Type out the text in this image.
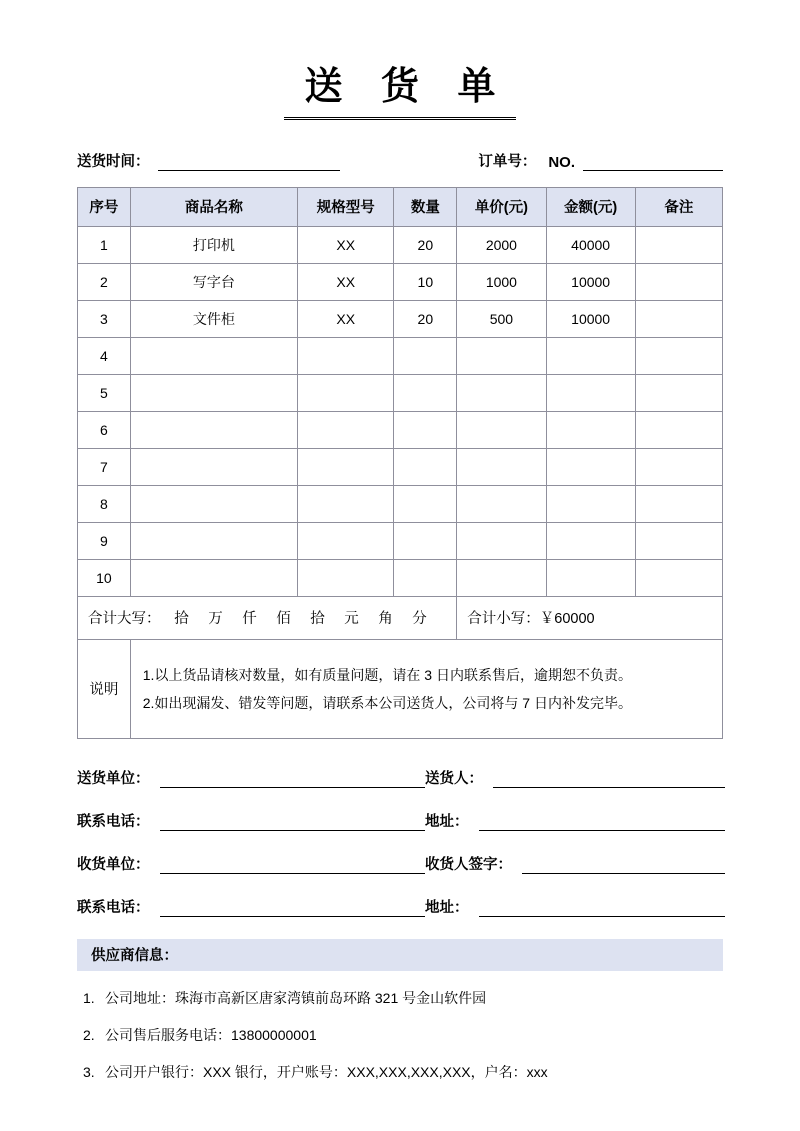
送 货 单
送货时间：	订单号： NO.
序号	商品名称	规格型号	数量	单价(元)	金额(元)	备注
1	打印机	XX	20	2000	40000	
2	写字台	XX	10	1000	10000	
3	文件柜	XX	20	500	10000	
4						
5						
6						
7						
8						
9						
10						
合计大写： 拾 万 仟 佰 拾 元 角 分				合计小写：￥60000		
说明	1.以上货品请核对数量，如有质量问题，请在 3 日内联系售后，逾期恕不负责。
2.如出现漏发、错发等问题，请联系本公司送货人，公司将与 7 日内补发完毕。					
送货单位：	送货人：
联系电话：	地址：
收货单位：	收货人签字：
联系电话：	地址：
供应商信息：
1. 公司地址：珠海市高新区唐家湾镇前岛环路 321 号金山软件园
2. 公司售后服务电话：13800000001
3. 公司开户银行：XXX 银行，开户账号：XXX,XXX,XXX,XXX，户名：xxx
